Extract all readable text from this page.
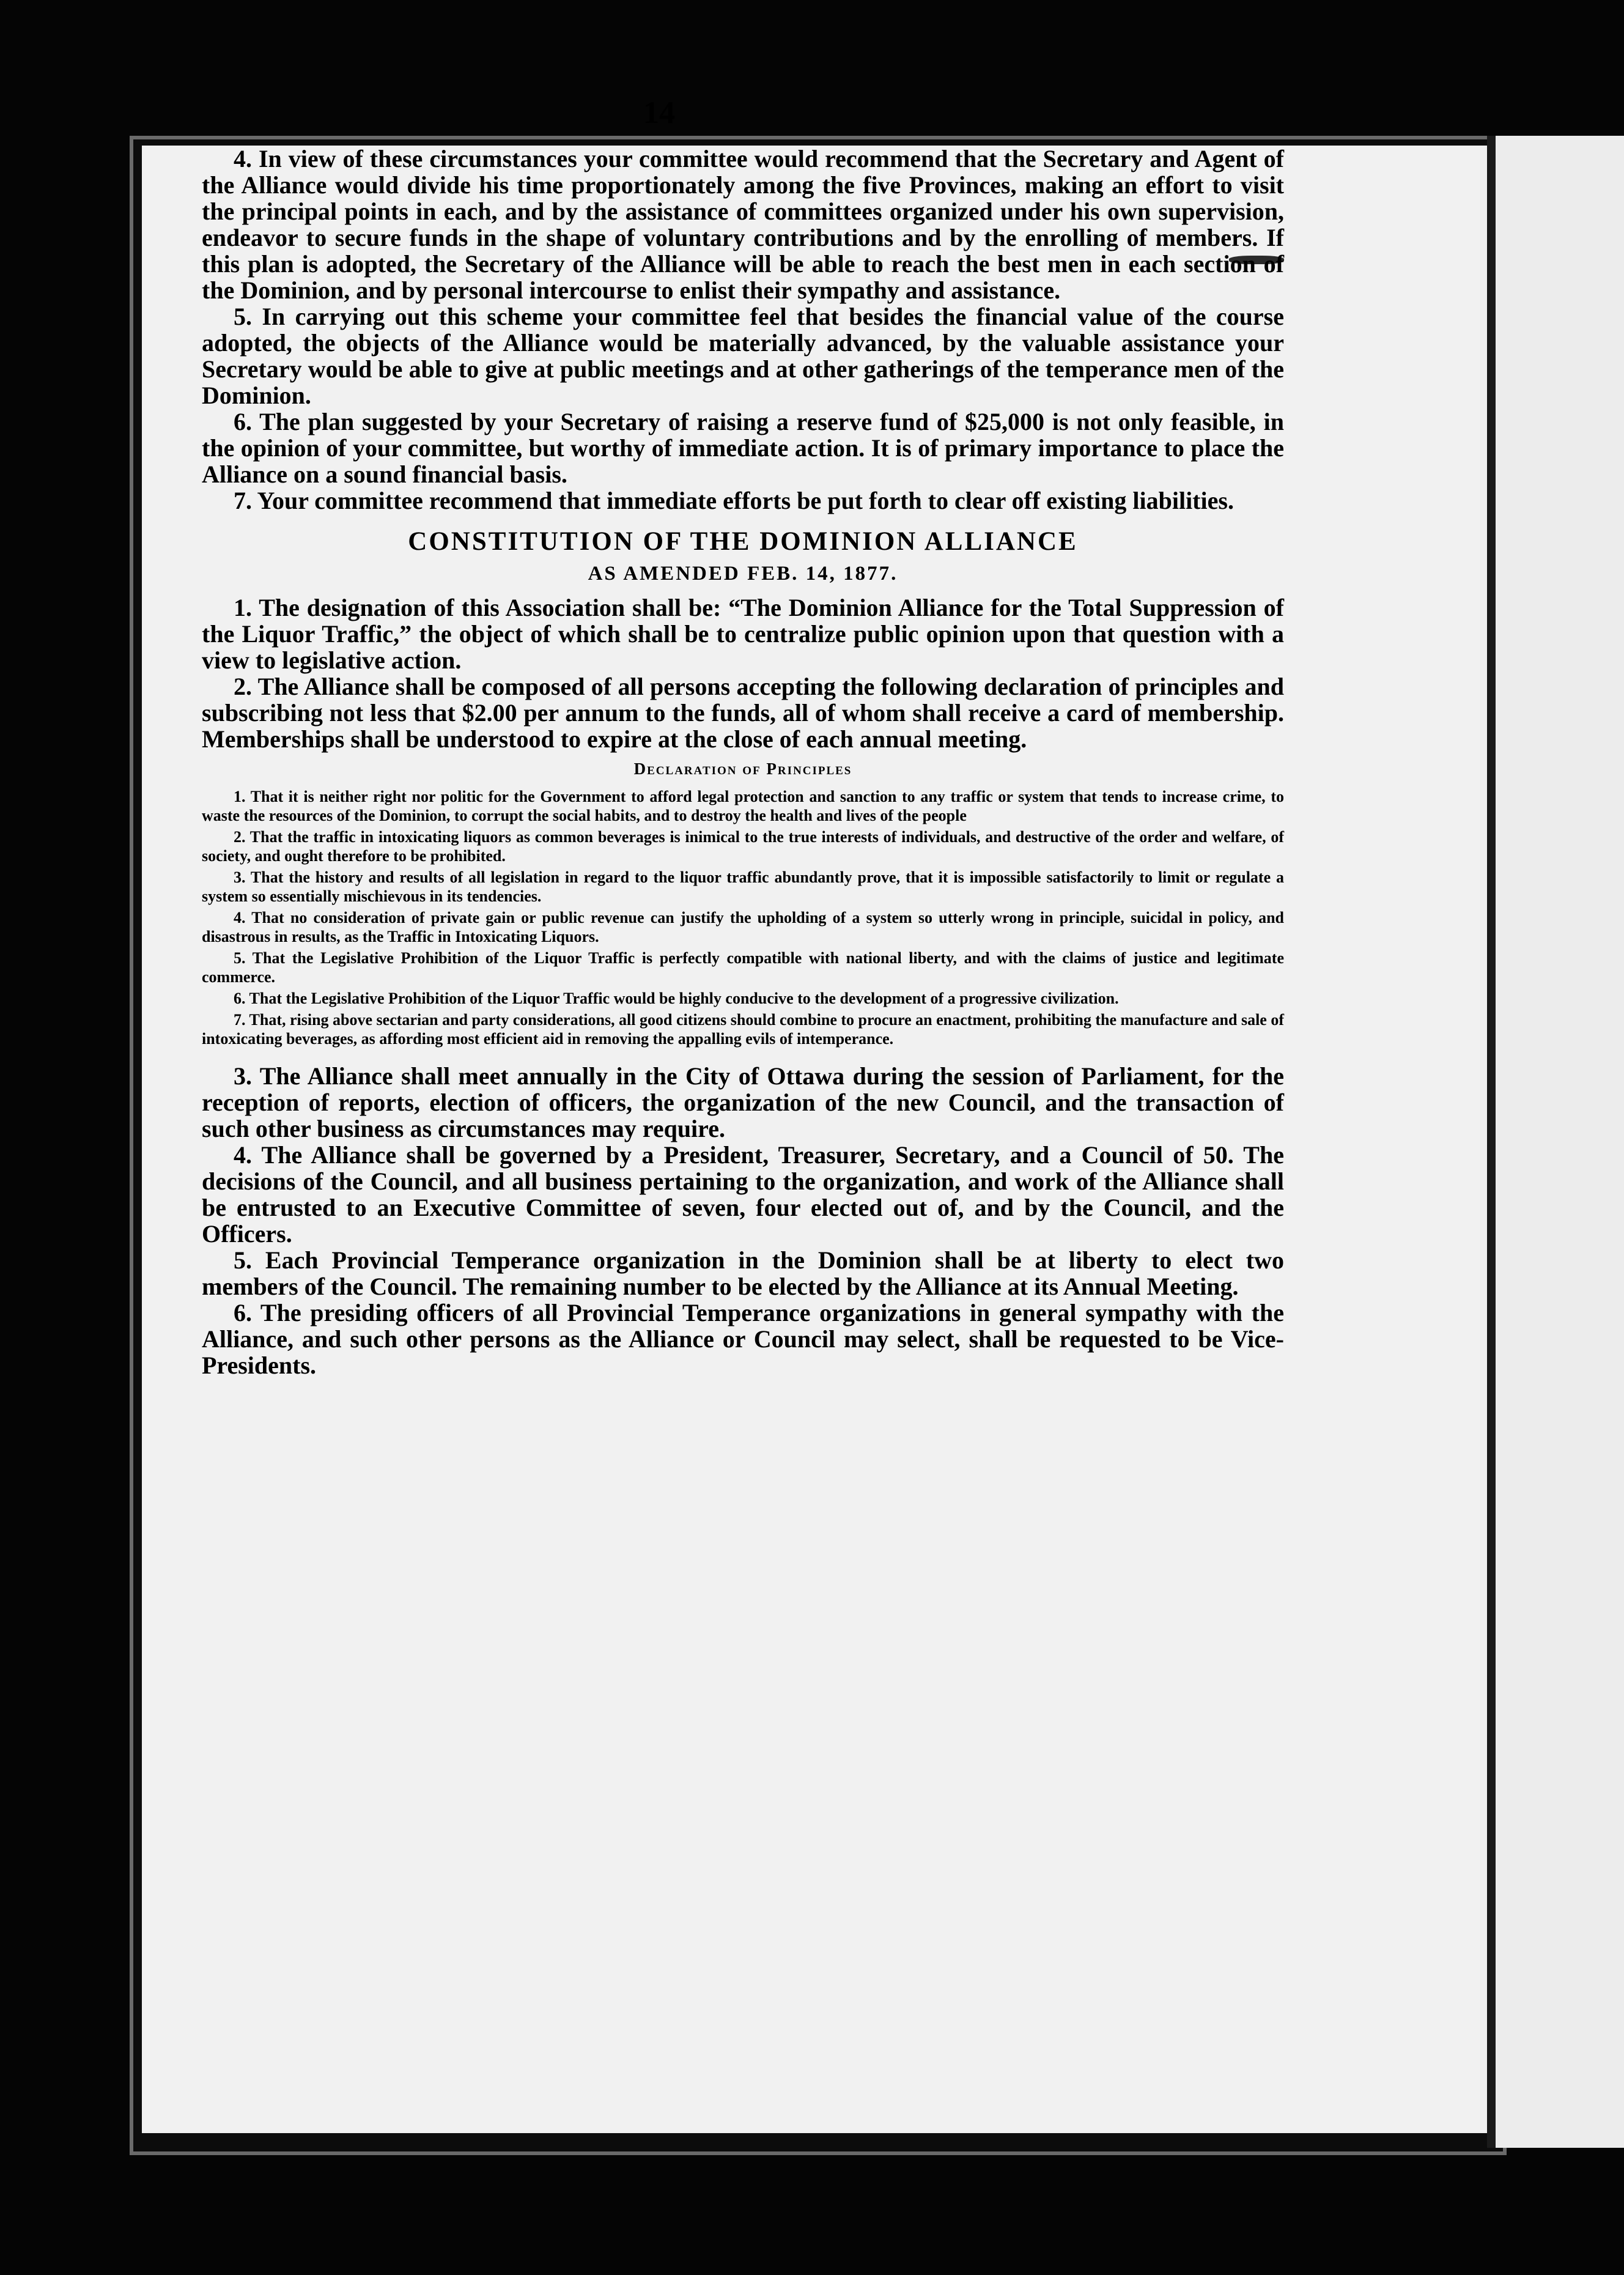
14

4. In view of these circumstances your committee would recommend that the Secretary and Agent of the Alliance would divide his time proportionately among the five Provinces, making an effort to visit the principal points in each, and by the assistance of committees organized under his own supervision, endeavor to secure funds in the shape of voluntary contributions and by the enrolling of members. If this plan is adopted, the Secretary of the Alliance will be able to reach the best men in each section of the Dominion, and by personal intercourse to enlist their sympathy and assistance.

5. In carrying out this scheme your committee feel that besides the financial value of the course adopted, the objects of the Alliance would be materially advanced, by the valuable assistance your Secretary would be able to give at public meetings and at other gatherings of the temperance men of the Dominion.

6. The plan suggested by your Secretary of raising a reserve fund of $25,000 is not only feasible, in the opinion of your committee, but worthy of immediate action. It is of primary importance to place the Alliance on a sound financial basis.

7. Your committee recommend that immediate efforts be put forth to clear off existing liabilities.

CONSTITUTION OF THE DOMINION ALLIANCE

AS AMENDED FEB. 14, 1877.

1. The designation of this Association shall be: “The Dominion Alliance for the Total Suppression of the Liquor Traffic,” the object of which shall be to centralize public opinion upon that question with a view to legislative action.

2. The Alliance shall be composed of all persons accepting the following declaration of principles and subscribing not less that $2.00 per annum to the funds, all of whom shall receive a card of membership. Memberships shall be understood to expire at the close of each annual meeting.

Declaration of Principles

1. That it is neither right nor politic for the Government to afford legal protection and sanction to any traffic or system that tends to increase crime, to waste the resources of the Dominion, to corrupt the social habits, and to destroy the health and lives of the people

2. That the traffic in intoxicating liquors as common beverages is inimical to the true interests of individuals, and destructive of the order and welfare, of society, and ought therefore to be prohibited.

3. That the history and results of all legislation in regard to the liquor traffic abundantly prove, that it is impossible satisfactorily to limit or regulate a system so essentially mischievous in its tendencies.

4. That no consideration of private gain or public revenue can justify the upholding of a system so utterly wrong in principle, suicidal in policy, and disastrous in results, as the Traffic in Intoxicating Liquors.

5. That the Legislative Prohibition of the Liquor Traffic is perfectly compatible with national liberty, and with the claims of justice and legitimate commerce.

6. That the Legislative Prohibition of the Liquor Traffic would be highly conducive to the development of a progressive civilization.

7. That, rising above sectarian and party considerations, all good citizens should combine to procure an enactment, prohibiting the manufacture and sale of intoxicating beverages, as affording most efficient aid in removing the appalling evils of intemperance.

3. The Alliance shall meet annually in the City of Ottawa during the session of Parliament, for the reception of reports, election of officers, the organization of the new Council, and the transaction of such other business as circumstances may require.

4. The Alliance shall be governed by a President, Treasurer, Secretary, and a Council of 50. The decisions of the Council, and all business pertaining to the organization, and work of the Alliance shall be entrusted to an Executive Committee of seven, four elected out of, and by the Council, and the Officers.

5. Each Provincial Temperance organization in the Dominion shall be at liberty to elect two members of the Council. The remaining number to be elected by the Alliance at its Annual Meeting.

6. The presiding officers of all Provincial Temperance organizations in general sympathy with the Alliance, and such other persons as the Alliance or Council may select, shall be requested to be Vice-Presidents.
